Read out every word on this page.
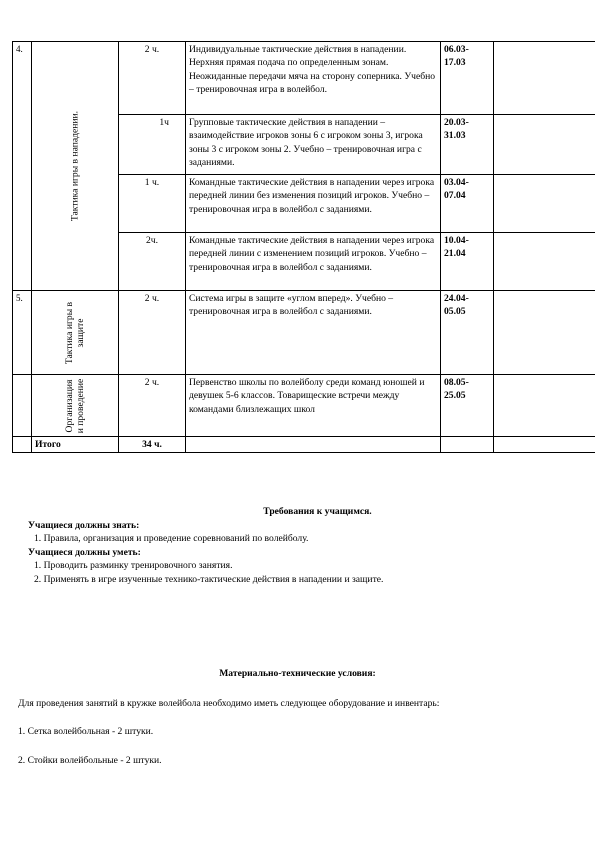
4.	Тактика игры в нападении.	2 ч.	Индивидуальные тактические действия в нападении. Нерхняя прямая подача по определенным зонам. Неожиданные передачи мяча на сторону соперника. Учебно – тренировочная игра в волейбол.	06.03-
17.03	
		1ч	Групповые тактические действия в нападении – взаимодействие игроков зоны 6 с игроком зоны 3, игрока зоны 3 с игроком зоны 2. Учебно – тренировочная игра с заданиями.	20.03-
31.03	
		1 ч.	Командные тактические действия в нападении через игрока передней линии без изменения позиций игроков. Учебно – тренировочная игра в волейбол с заданиями.	03.04-
07.04	
		2ч.	Командные тактические действия в нападении через игрока передней линии с изменением позиций игроков. Учебно – тренировочная игра в волейбол с заданиями.	10.04-
21.04	
5.	Тактика игры в защите	2 ч.	Система игры в защите «углом вперед». Учебно – тренировочная игра в волейбол с заданиями.	24.04-
05.05	

	Организация и проведение	2 ч.	Первенство школы по волейболу среди команд юношей и девушек 5-6 классов. Товарищеские встречи между командами близлежащих школ	08.05-
25.05	
	Итого	34 ч.			
Требования к учащимся.
Учащиеся должны знать:
1. Правила, организация и проведение соревнований по волейболу.
Учащиеся должны уметь:
1. Проводить разминку тренировочного занятия.
2. Применять в игре изученные технико-тактические действия в нападении и защите.
Материально-технические условия:
Для проведения занятий в кружке волейбола необходимо иметь следующее оборудование и инвентарь:
1. Сетка волейбольная - 2 штуки.
2. Стойки волейбольные - 2 штуки.
